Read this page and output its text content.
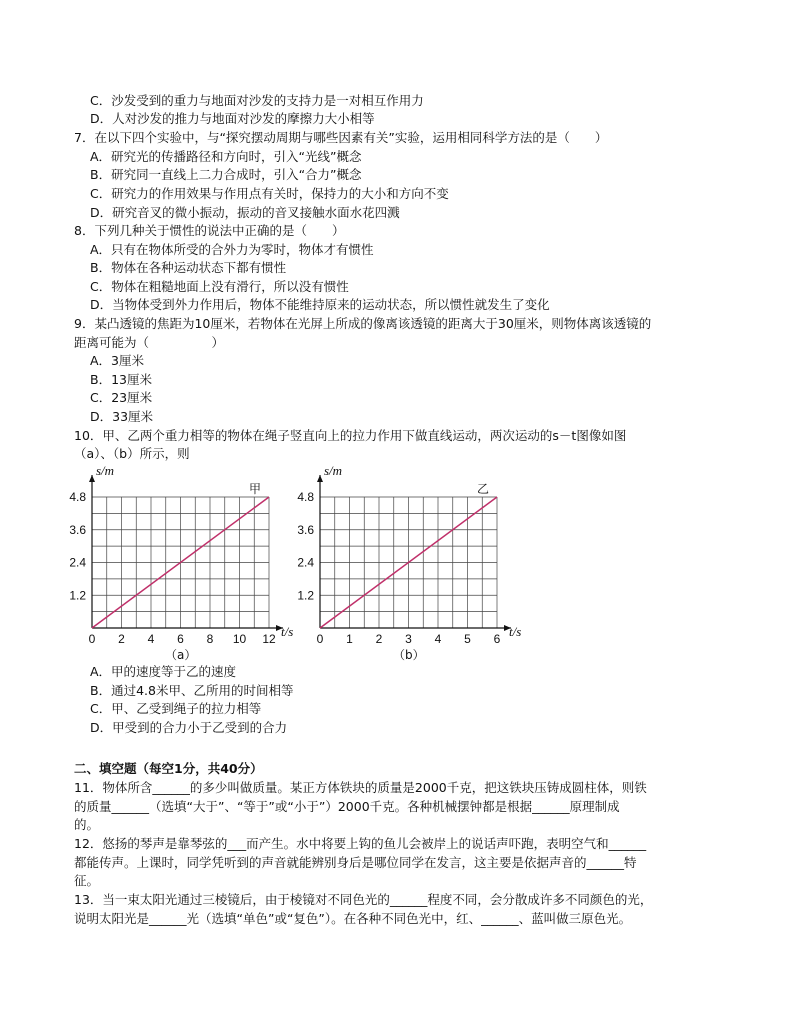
C．沙发受到的重力与地面对沙发的支持力是一对相互作用力
D．人对沙发的推力与地面对沙发的摩擦力大小相等
7．在以下四个实验中，与“探究摆动周期与哪些因素有关”实验，运用相同科学方法的是（　　）
A．研究光的传播路径和方向时，引入“光线”概念
B．研究同一直线上二力合成时，引入“合力”概念
C．研究力的作用效果与作用点有关时，保持力的大小和方向不变
D．研究音叉的微小振动，振动的音叉接触水面水花四溅
8．下列几种关于惯性的说法中正确的是（　　）
A．只有在物体所受的合外力为零时，物体才有惯性
B．物体在各种运动状态下都有惯性
C．物体在粗糙地面上没有滑行，所以没有惯性
D．当物体受到外力作用后，物体不能维持原来的运动状态，所以惯性就发生了变化
9．某凸透镜的焦距为10厘米，若物体在光屏上所成的像离该透镜的距离大于30厘米，则物体离该透镜的
距离可能为（　　　　　）
A．3厘米
B．13厘米
C．23厘米
D．33厘米
10．甲、乙两个重力相等的物体在绳子竖直向上的拉力作用下做直线运动，两次运动的s－t图像如图
（a）、（b）所示，则
0 2 4 6 8 10 12
1.2
2.4
3.6
4.8
s/m
t/s
甲
0 1 2 3 4 5 6
1.2
2.4
3.6
4.8
s/m
t/s
乙
（a）	（b）
A．甲的速度等于乙的速度
B．通过4.8米甲、乙所用的时间相等
C．甲、乙受到绳子的拉力相等
D．甲受到的合力小于乙受到的合力
二、填空题（每空1分，共40分）
11．物体所含______的多少叫做质量。某正方体铁块的质量是2000千克，把这铁块压铸成圆柱体，则铁
的质量______（选填“大于”、“等于”或“小于”）2000千克。各种机械摆钟都是根据______原理制成
的。
12．悠扬的琴声是靠琴弦的___而产生。水中将要上钩的鱼儿会被岸上的说话声吓跑，表明空气和______
都能传声。上课时，同学凭听到的声音就能辨别身后是哪位同学在发言，这主要是依据声音的______特
征。
13．当一束太阳光通过三棱镜后，由于棱镜对不同色光的______程度不同，会分散成许多不同颜色的光，
说明太阳光是______光（选填“单色”或“复色”）。在各种不同色光中，红、______、蓝叫做三原色光。
